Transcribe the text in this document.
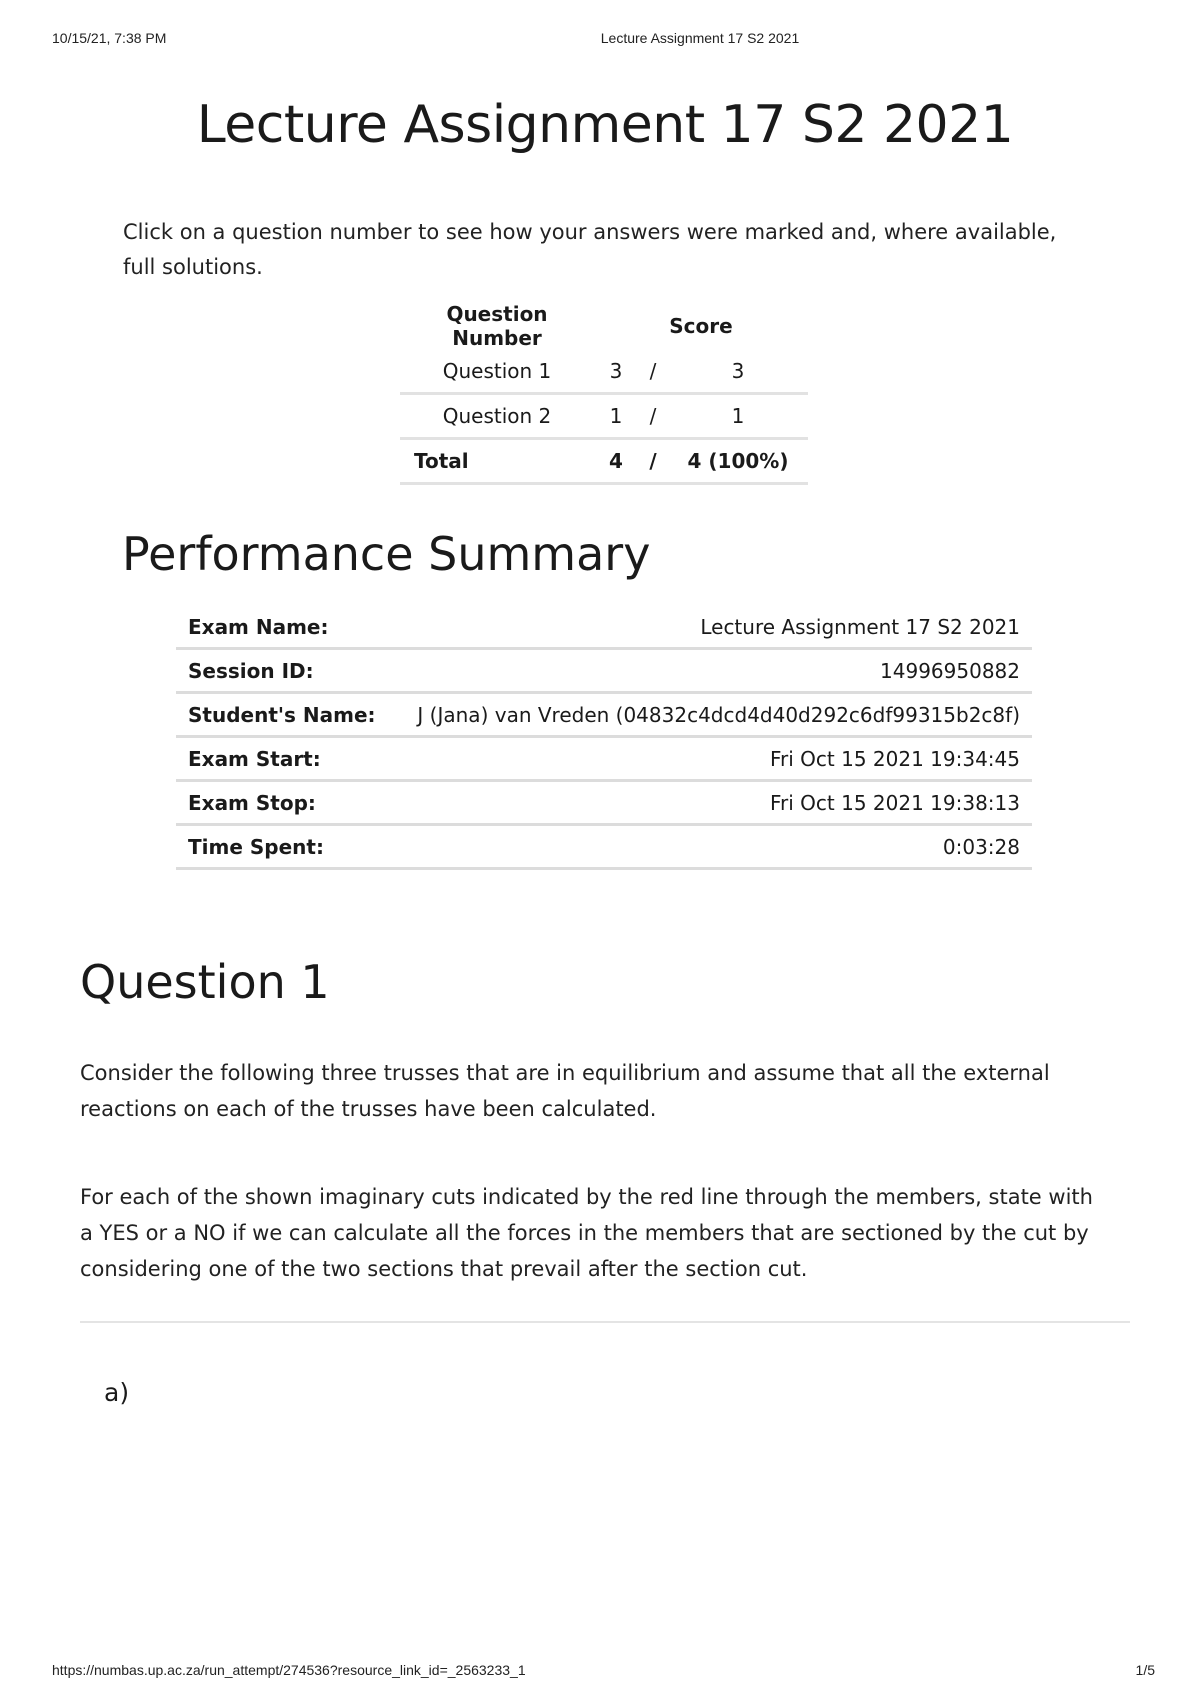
10/15/21, 7:38 PM	Lecture Assignment 17 S2 2021
Lecture Assignment 17 S2 2021

Click on a question number to see how your answers were marked and, where available, full solutions.

Question Number	Score		
Question 1	3	/	3
Question 2	1	/	1
Total	4	/	4 (100%)
Performance Summary
Exam Name:	Lecture Assignment 17 S2 2021
Session ID:	14996950882
Student's Name:	J (Jana) van Vreden (04832c4dcd4d40d292c6df99315b2c8f)
Exam Start:	Fri Oct 15 2021 19:34:45
Exam Stop:	Fri Oct 15 2021 19:38:13
Time Spent:	0:03:28
Question 1

Consider the following three trusses that are in equilibrium and assume that all the external reactions on each of the trusses have been calculated.

For each of the shown imaginary cuts indicated by the red line through the members, state with a YES or a NO if we can calculate all the forces in the members that are sectioned by the cut by considering one of the two sections that prevail after the section cut.

a)

https://numbas.up.ac.za/run_attempt/274536?resource_link_id=_2563233_1	1/5
